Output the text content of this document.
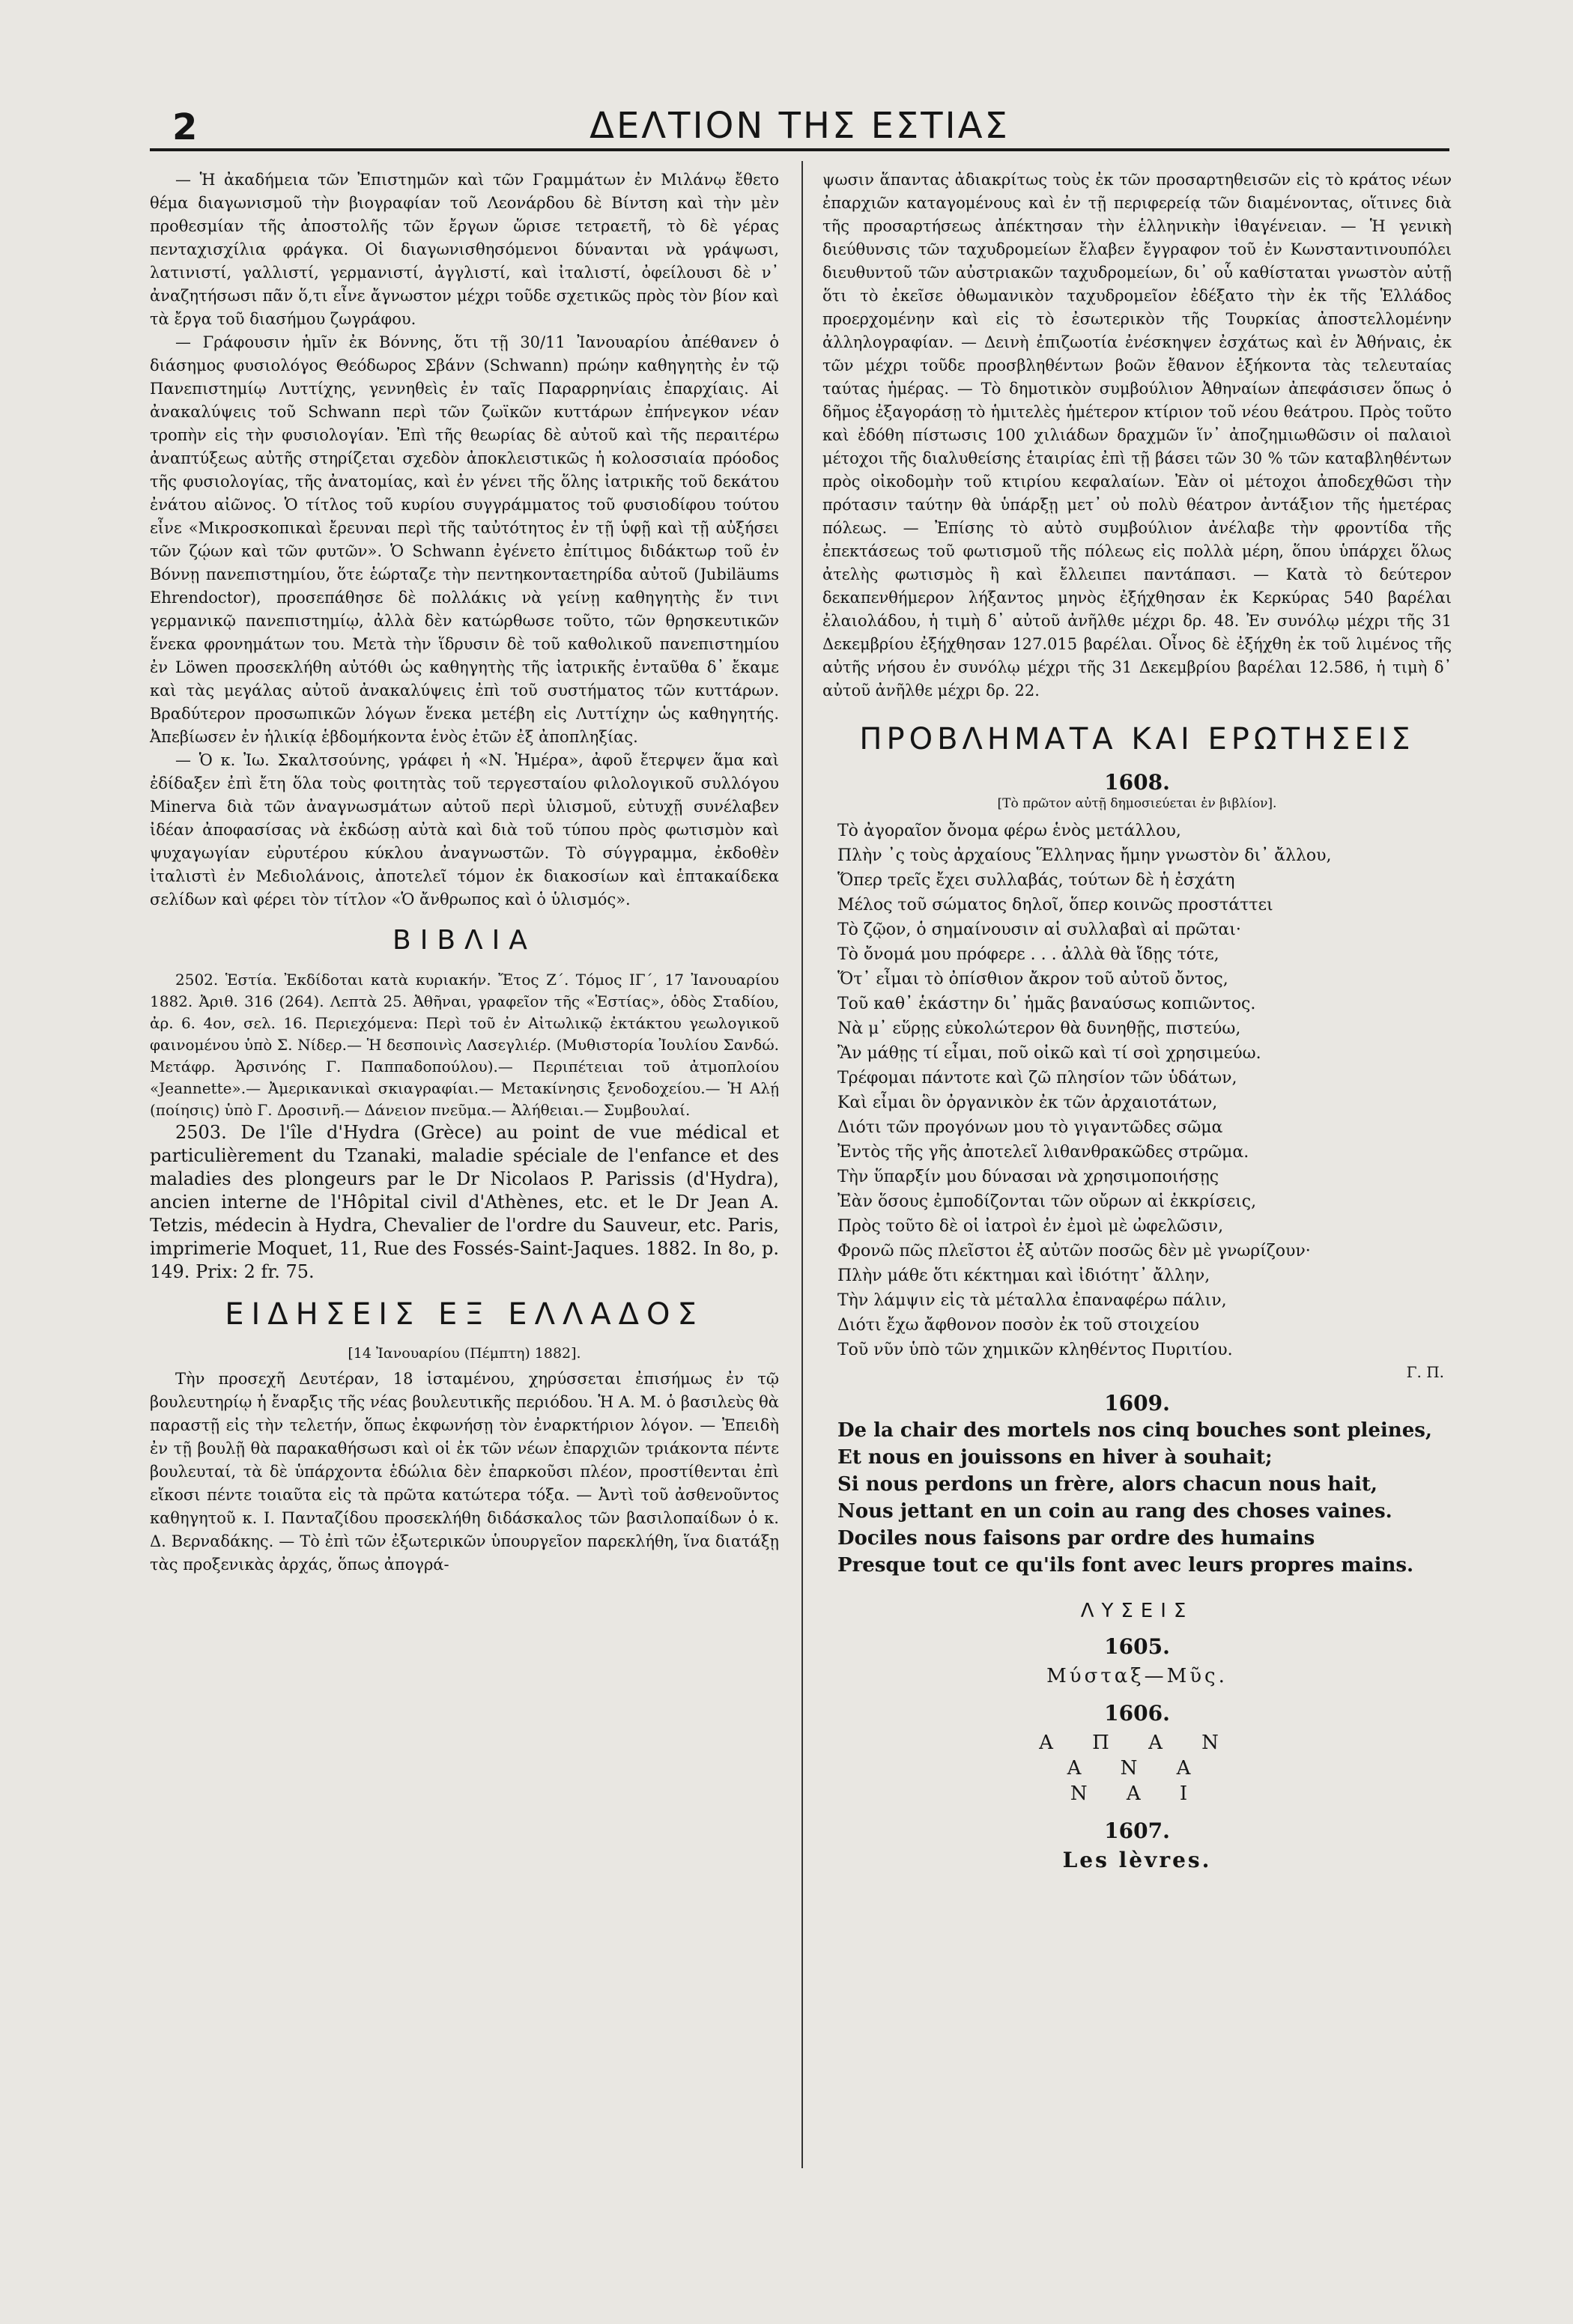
2	ΔΕΛΤΙΟΝ ΤΗΣ ΕΣΤΙΑΣ

— Ἡ ἀκαδήμεια τῶν Ἐπιστημῶν καὶ τῶν Γραμμάτων ἐν Μιλάνῳ ἔθετο θέμα διαγωνισμοῦ τὴν βιογραφίαν τοῦ Λεονάρδου δὲ Βίντση καὶ τὴν μὲν προθεσμίαν τῆς ἀποστολῆς τῶν ἔργων ὥρισε τετραετῆ, τὸ δὲ γέρας πενταχισχίλια φράγκα. Οἱ διαγωνισθησόμενοι δύνανται νὰ γράψωσι, λατινιστί, γαλλιστί, γερμανιστί, ἀγγλιστί, καὶ ἰταλιστί, ὀφείλουσι δὲ ν᾽ ἀναζητήσωσι πᾶν ὅ,τι εἶνε ἄγνωστον μέχρι τοῦδε σχετικῶς πρὸς τὸν βίον καὶ τὰ ἔργα τοῦ διασήμου ζωγράφου.

— Γράφουσιν ἡμῖν ἐκ Βόννης, ὅτι τῇ 30/11 Ἰανουαρίου ἀπέθανεν ὁ διάσημος φυσιολόγος Θεόδωρος Σβάνν (Schwann) πρώην καθηγητὴς ἐν τῷ Πανεπιστημίῳ Λυττίχης, γεννηθεὶς ἐν ταῖς Παραρρηνίαις ἐπαρχίαις. Αἱ ἀνακαλύψεις τοῦ Schwann περὶ τῶν ζωϊκῶν κυττάρων ἐπήνεγκον νέαν τροπὴν εἰς τὴν φυσιολογίαν. Ἐπὶ τῆς θεωρίας δὲ αὐτοῦ καὶ τῆς περαιτέρω ἀναπτύξεως αὐτῆς στηρίζεται σχεδὸν ἀποκλειστικῶς ἡ κολοσσιαία πρόοδος τῆς φυσιολογίας, τῆς ἀνατομίας, καὶ ἐν γένει τῆς ὅλης ἰατρικῆς τοῦ δεκάτου ἐνάτου αἰῶνος. Ὁ τίτλος τοῦ κυρίου συγγράμματος τοῦ φυσιοδίφου τούτου εἶνε «Μικροσκοπικαὶ ἔρευναι περὶ τῆς ταὐτότητος ἐν τῇ ὑφῇ καὶ τῇ αὐξήσει τῶν ζῴων καὶ τῶν φυτῶν». Ὁ Schwann ἐγένετο ἐπίτιμος διδάκτωρ τοῦ ἐν Βόννῃ πανεπιστημίου, ὅτε ἑώρταζε τὴν πεντηκονταετηρίδα αὐτοῦ (Jubiläums Ehrendoctor), προσεπάθησε δὲ πολλάκις νὰ γείνῃ καθηγητὴς ἔν τινι γερμανικῷ πανεπιστημίῳ, ἀλλὰ δὲν κατώρθωσε τοῦτο, τῶν θρησκευτικῶν ἕνεκα φρονημάτων του. Μετὰ τὴν ἵδρυσιν δὲ τοῦ καθολικοῦ πανεπιστημίου ἐν Löwen προσεκλήθη αὐτόθι ὡς καθηγητὴς τῆς ἰατρικῆς ἐνταῦθα δ᾽ ἔκαμε καὶ τὰς μεγάλας αὐτοῦ ἀνακαλύψεις ἐπὶ τοῦ συστήματος τῶν κυττάρων. Βραδύτερον προσωπικῶν λόγων ἕνεκα μετέβη εἰς Λυττίχην ὡς καθηγητής. Ἀπεβίωσεν ἐν ἡλικίᾳ ἑβδομήκοντα ἑνὸς ἐτῶν ἐξ ἀποπληξίας.

— Ὁ κ. Ἰω. Σκαλτσούνης, γράφει ἡ «Ν. Ἡμέρα», ἀφοῦ ἔτερψεν ἅμα καὶ ἐδίδαξεν ἐπὶ ἔτη ὅλα τοὺς φοιτητὰς τοῦ τεργεσταίου φιλολογικοῦ συλλόγου Minerva διὰ τῶν ἀναγνωσμάτων αὐτοῦ περὶ ὑλισμοῦ, εὐτυχῇ συνέλαβεν ἰδέαν ἀποφασίσας νὰ ἐκδώσῃ αὐτὰ καὶ διὰ τοῦ τύπου πρὸς φωτισμὸν καὶ ψυχαγωγίαν εὐρυτέρου κύκλου ἀναγνωστῶν. Τὸ σύγγραμμα, ἐκδοθὲν ἰταλιστὶ ἐν Μεδιολάνοις, ἀποτελεῖ τόμον ἐκ διακοσίων καὶ ἑπτακαίδεκα σελίδων καὶ φέρει τὸν τίτλον «Ὁ ἄνθρωπος καὶ ὁ ὑλισμός».

ΒΙΒΛΙΑ

2502. Ἑστία. Ἐκδίδοται κατὰ κυριακήν. Ἔτος Ζ΄. Τόμος ΙΓ΄, 17 Ἰανουαρίου 1882. Ἀριθ. 316 (264). Λεπτὰ 25. Ἀθῆναι, γραφεῖον τῆς «Ἑστίας», ὁδὸς Σταδίου, ἀρ. 6. 4ον, σελ. 16. Περιεχόμενα: Περὶ τοῦ ἐν Αἰτωλικῷ ἐκτάκτου γεωλογικοῦ φαινομένου ὑπὸ Σ. Νίδερ.— Ἡ δεσποινὶς Λασεγλιέρ. (Μυθιστορία Ἰουλίου Σανδώ. Μετάφρ. Ἀρσινόης Γ. Παππαδοπούλου).— Περιπέτειαι τοῦ ἀτμοπλοίου «Jeannette».— Ἀμερικανικαὶ σκιαγραφίαι.— Μετακίνησις ξενοδοχείου.— Ἡ Αλῄ (ποίησις) ὑπὸ Γ. Δροσινῆ.— Δάνειον πνεῦμα.— Ἀλήθειαι.— Συμβουλαί.

2503. De l'île d'Hydra (Grèce) au point de vue médical et particulièrement du Tzanaki, maladie spéciale de l'enfance et des maladies des plongeurs par le Dr Nicolaos P. Parissis (d'Hydra), ancien interne de l'Hôpital civil d'Athènes, etc. et le Dr Jean A. Tetzis, médecin à Hydra, Chevalier de l'ordre du Sauveur, etc. Paris, imprimerie Moquet, 11, Rue des Fossés-Saint-Jaques. 1882. In 8o, p. 149. Prix: 2 fr. 75.

ΕΙΔΗΣΕΙΣ ΕΞ ΕΛΛΑΔΟΣ
[14 Ἰανουαρίου (Πέμπτη) 1882].

Τὴν προσεχῆ Δευτέραν, 18 ἱσταμένου, χηρύσσεται ἐπισήμως ἐν τῷ βουλευτηρίῳ ἡ ἔναρξις τῆς νέας βουλευτικῆς περιόδου. Ἡ Α. Μ. ὁ βασιλεὺς θὰ παραστῇ εἰς τὴν τελετήν, ὅπως ἐκφωνήσῃ τὸν ἐναρκτήριον λόγον. — Ἐπειδὴ ἐν τῇ βουλῇ θὰ παρακαθήσωσι καὶ οἱ ἐκ τῶν νέων ἐπαρχιῶν τριάκοντα πέντε βουλευταί, τὰ δὲ ὑπάρχοντα ἑδώλια δὲν ἐπαρκοῦσι πλέον, προστίθενται ἐπὶ εἴκοσι πέντε τοιαῦτα εἰς τὰ πρῶτα κατώτερα τόξα. — Ἀντὶ τοῦ ἀσθενοῦντος καθηγητοῦ κ. Ι. Πανταζίδου προσεκλήθη διδάσκαλος τῶν βασιλοπαίδων ὁ κ. Δ. Βερναδάκης. — Τὸ ἐπὶ τῶν ἐξωτερικῶν ὑπουργεῖον παρεκλήθη, ἵνα διατάξῃ τὰς προξενικὰς ἀρχάς, ὅπως ἀπογρά-

ψωσιν ἅπαντας ἀδιακρίτως τοὺς ἐκ τῶν προσαρτηθεισῶν εἰς τὸ κράτος νέων ἐπαρχιῶν καταγομένους καὶ ἐν τῇ περιφερείᾳ τῶν διαμένοντας, οἵτινες διὰ τῆς προσαρτήσεως ἀπέκτησαν τὴν ἑλληνικὴν ἰθαγένειαν. — Ἡ γενικὴ διεύθυνσις τῶν ταχυδρομείων ἔλαβεν ἔγγραφον τοῦ ἐν Κωνσταντινουπόλει διευθυντοῦ τῶν αὐστριακῶν ταχυδρομείων, δι᾽ οὗ καθίσταται γνωστὸν αὐτῇ ὅτι τὸ ἐκεῖσε ὀθωμανικὸν ταχυδρομεῖον ἐδέξατο τὴν ἐκ τῆς Ἑλλάδος προερχομένην καὶ εἰς τὸ ἐσωτερικὸν τῆς Τουρκίας ἀποστελλομένην ἀλληλογραφίαν. — Δεινὴ ἐπιζωοτία ἐνέσκηψεν ἐσχάτως καὶ ἐν Ἀθήναις, ἐκ τῶν μέχρι τοῦδε προσβληθέντων βοῶν ἔθανον ἑξήκοντα τὰς τελευταίας ταύτας ἡμέρας. — Τὸ δημοτικὸν συμβούλιον Ἀθηναίων ἀπεφάσισεν ὅπως ὁ δῆμος ἐξαγοράσῃ τὸ ἡμιτελὲς ἡμέτερον κτίριον τοῦ νέου θεάτρου. Πρὸς τοῦτο καὶ ἐδόθη πίστωσις 100 χιλιάδων δραχμῶν ἵν᾽ ἀποζημιωθῶσιν οἱ παλαιοὶ μέτοχοι τῆς διαλυθείσης ἑταιρίας ἐπὶ τῇ βάσει τῶν 30 % τῶν καταβληθέντων πρὸς οἰκοδομὴν τοῦ κτιρίου κεφαλαίων. Ἐὰν οἱ μέτοχοι ἀποδεχθῶσι τὴν πρότασιν ταύτην θὰ ὑπάρξῃ μετ᾽ οὐ πολὺ θέατρον ἀντάξιον τῆς ἡμετέρας πόλεως. — Ἐπίσης τὸ αὐτὸ συμβούλιον ἀνέλαβε τὴν φροντίδα τῆς ἐπεκτάσεως τοῦ φωτισμοῦ τῆς πόλεως εἰς πολλὰ μέρη, ὅπου ὑπάρχει ὅλως ἀτελὴς φωτισμὸς ἢ καὶ ἔλλειπει παντάπασι. — Κατὰ τὸ δεύτερον δεκαπενθήμερον λήξαντος μηνὸς ἐξήχθησαν ἐκ Κερκύρας 540 βαρέλαι ἐλαιολάδου, ἡ τιμὴ δ᾽ αὐτοῦ ἀνῆλθε μέχρι δρ. 48. Ἐν συνόλῳ μέχρι τῆς 31 Δεκεμβρίου ἐξήχθησαν 127.015 βαρέλαι. Οἶνος δὲ ἐξήχθη ἐκ τοῦ λιμένος τῆς αὐτῆς νήσου ἐν συνόλῳ μέχρι τῆς 31 Δεκεμβρίου βαρέλαι 12.586, ἡ τιμὴ δ᾽ αὐτοῦ ἀνῆλθε μέχρι δρ. 22.

ΠΡΟΒΛΗΜΑΤΑ ΚΑΙ ΕΡΩΤΗΣΕΙΣ
1608.
[Τὸ πρῶτον αὐτῇ δημοσιεύεται ἐν βιβλίον].
Τὸ ἀγοραῖον ὄνομα φέρω ἑνὸς μετάλλου,
Πλὴν ᾽ς τοὺς ἀρχαίους Ἕλληνας ἤμην γνωστὸν δι᾽ ἄλλου,
Ὅπερ τρεῖς ἔχει συλλαβάς, τούτων δὲ ἡ ἐσχάτη
Μέλος τοῦ σώματος δηλοῖ, ὅπερ κοινῶς προστάττει
Τὸ ζῷον, ὁ σημαίνουσιν αἱ συλλαβαὶ αἱ πρῶται·
Τὸ ὄνομά μου πρόφερε . . . ἀλλὰ θὰ ἴδῃς τότε,
Ὅτ᾽ εἶμαι τὸ ὀπίσθιον ἄκρον τοῦ αὐτοῦ ὄντος,
Τοῦ καθ᾽ ἑκάστην δι᾽ ἡμᾶς βαναύσως κοπιῶντος.
Νὰ μ᾽ εὕρῃς εὐκολώτερον θὰ δυνηθῇς, πιστεύω,
Ἂν μάθῃς τί εἶμαι, ποῦ οἰκῶ καὶ τί σοὶ χρησιμεύω.
Τρέφομαι πάντοτε καὶ ζῶ πλησίον τῶν ὑδάτων,
Καὶ εἶμαι ὃν ὀργανικὸν ἐκ τῶν ἀρχαιοτάτων,
Διότι τῶν προγόνων μου τὸ γιγαντῶδες σῶμα
Ἐντὸς τῆς γῆς ἀποτελεῖ λιθανθρακῶδες στρῶμα.
Τὴν ὕπαρξίν μου δύνασαι νὰ χρησιμοποιήσῃς
Ἐὰν ὅσους ἐμποδίζονται τῶν οὔρων αἱ ἐκκρίσεις,
Πρὸς τοῦτο δὲ οἱ ἰατροὶ ἐν ἐμοὶ μὲ ὠφελῶσιν,
Φρονῶ πῶς πλεῖστοι ἐξ αὐτῶν ποσῶς δὲν μὲ γνωρίζουν·
Πλὴν μάθε ὅτι κέκτημαι καὶ ἰδιότητ᾽ ἄλλην,
Τὴν λάμψιν εἰς τὰ μέταλλα ἐπαναφέρω πάλιν,
Διότι ἔχω ἄφθονον ποσὸν ἐκ τοῦ στοιχείου
Τοῦ νῦν ὑπὸ τῶν χημικῶν κληθέντος Πυριτίου.
Γ. Π.
1609.
De la chair des mortels nos cinq bouches sont pleines,
Et nous en jouissons en hiver à souhait;
Si nous perdons un frère, alors chacun nous hait,
Nous jettant en un coin au rang des choses vaines.
Dociles nous faisons par ordre des humains
Presque tout ce qu'ils font avec leurs propres mains.
ΛΥΣΕΙΣ
1605.
Μύσταξ—Μῦς.
1606.
Α Π Α Ν
Α Ν Α
Ν Α Ι
1607.
Les lèvres.
